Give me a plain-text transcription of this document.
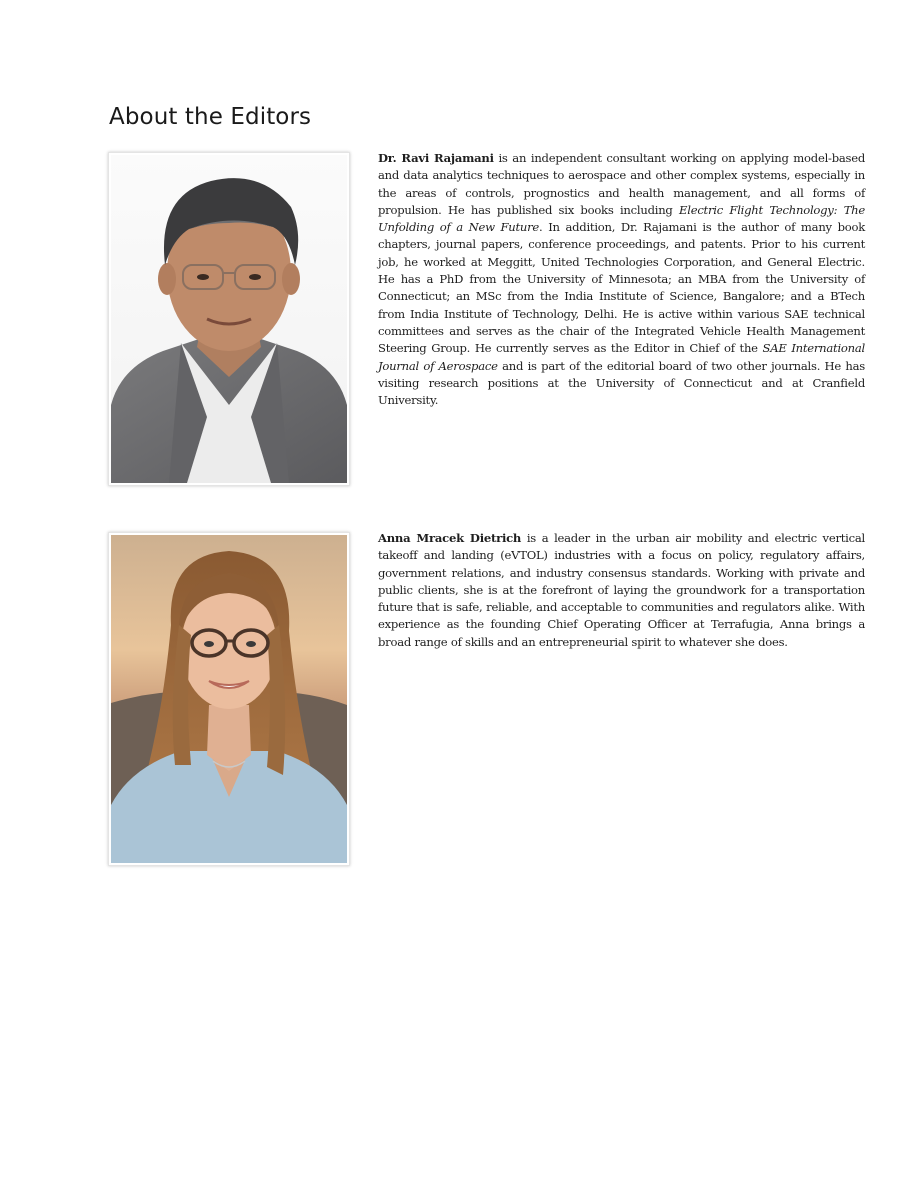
About the Editors

Dr. Ravi Rajamani is an independent consultant working on applying model-based and data analytics techniques to aerospace and other complex systems, especially in the areas of controls, prognostics and health management, and all forms of propulsion. He has published six books including Electric Flight Technology: The Unfolding of a New Future. In addition, Dr. Rajamani is the author of many book chapters, journal papers, conference proceedings, and patents. Prior to his current job, he worked at Meggitt, United Technologies Corporation, and General Electric. He has a PhD from the University of Minnesota; an MBA from the University of Connecticut; an MSc from the India Institute of Science, Bangalore; and a BTech from India Institute of Technology, Delhi. He is active within various SAE technical committees and serves as the chair of the Integrated Vehicle Health Management Steering Group. He currently serves as the Editor in Chief of the SAE International Journal of Aerospace and is part of the editorial board of two other journals. He has visiting research positions at the University of Connecticut and at Cranfield University.

Anna Mracek Dietrich is a leader in the urban air mobility and electric vertical takeoff and landing (eVTOL) industries with a focus on policy, regulatory affairs, government relations, and industry consensus standards. Working with private and public clients, she is at the forefront of laying the groundwork for a transportation future that is safe, reliable, and acceptable to communities and regulators alike. With experience as the founding Chief Operating Officer at Terrafugia, Anna brings a broad range of skills and an entrepreneurial spirit to whatever she does.
